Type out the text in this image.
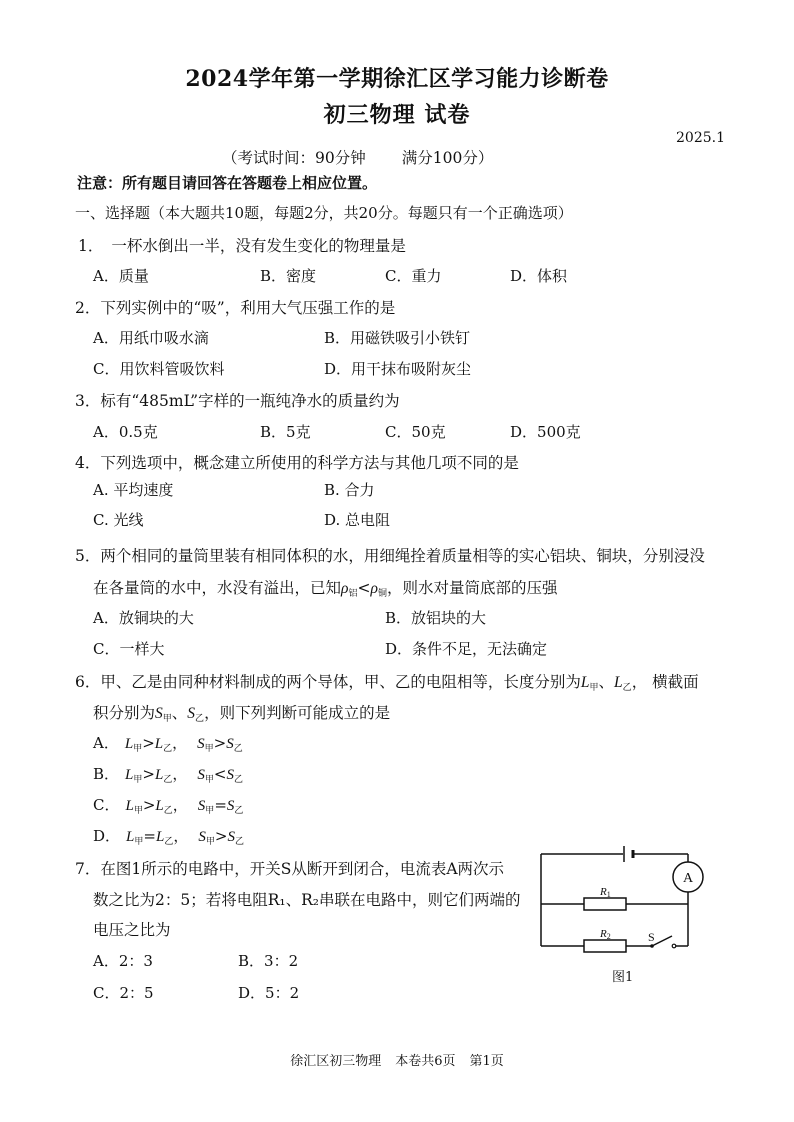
2024学年第一学期徐汇区学习能力诊断卷
初三物理 试卷
2025.1
（考试时间：90分钟 满分100分）
注意：所有题目请回答在答题卷上相应位置。
一、选择题（本大题共10题，每题2分，共20分。每题只有一个正确选项）
1． 一杯水倒出一半，没有发生变化的物理量是
A．质量	B．密度	C．重力	D．体积
2．下列实例中的“吸”，利用大气压强工作的是
A．用纸巾吸水滴	B．用磁铁吸引小铁钉
C．用饮料管吸饮料	D．用干抹布吸附灰尘
3．标有“485mL”字样的一瓶纯净水的质量约为
A．0.5克	B．5克	C．50克	D．500克
4．下列选项中，概念建立所使用的科学方法与其他几项不同的是
A. 平均速度	B. 合力
C. 光线	D. 总电阻
5．两个相同的量筒里装有相同体积的水，用细绳拴着质量相等的实心铝块、铜块，分别浸没
在各量筒的水中，水没有溢出，已知$\rho_铝<\rho_铜$，则水对量筒底部的压强
A．放铜块的大	B．放铝块的大
C．一样大	D．条件不足，无法确定
6．甲、乙是由同种材料制成的两个导体，甲、乙的电阻相等，长度分别为$L_甲$、$L_乙$， 横截面
积分别为$S_甲$、$S_乙$，则下列判断可能成立的是
A． $L_甲>L_乙$， $S_甲>S_乙$
B． $L_甲>L_乙$， $S_甲<S_乙$
C． $L_甲>L_乙$， $S_甲=S_乙$
D． $L_甲=L_乙$， $S_甲>S_乙$
7．在图1所示的电路中，开关S从断开到闭合，电流表A两次示
数之比为2：5；若将电阻R₁、R₂串联在电路中，则它们两端的
电压之比为
A．2：3	B．3：2
C．2：5	D．5：2
A
R1
R2	S
图1
徐汇区初三物理 本卷共6页 第1页
